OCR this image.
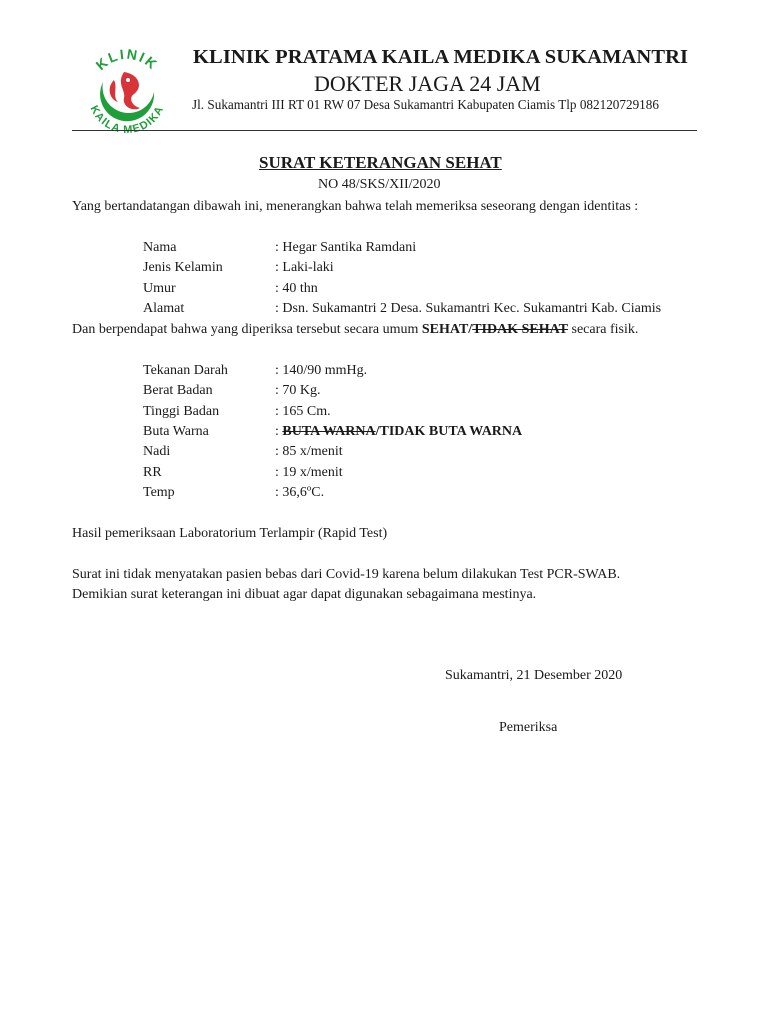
KLINIK
KAILA MEDIKA
KLINIK PRATAMA KAILA MEDIKA SUKAMANTRI
DOKTER JAGA 24 JAM
Jl. Sukamantri III RT 01 RW 07 Desa Sukamantri Kabupaten Ciamis Tlp 082120729186
SURAT KETERANGAN SEHAT
NO 48/SKS/XII/2020
Yang bertandatangan dibawah ini, menerangkan bahwa telah memeriksa seseorang dengan identitas :
Nama	: Hegar Santika Ramdani
Jenis Kelamin	: Laki-laki
Umur	: 40 thn
Alamat	: Dsn. Sukamantri 2 Desa. Sukamantri Kec. Sukamantri Kab. Ciamis
Dan berpendapat bahwa yang diperiksa tersebut secara umum SEHAT/TIDAK SEHAT secara fisik.
Tekanan Darah	: 140/90 mmHg.
Berat Badan	: 70 Kg.
Tinggi Badan	: 165 Cm.
Buta Warna	: BUTA WARNA/TIDAK BUTA WARNA
Nadi	: 85 x/menit
RR	: 19 x/menit
Temp	: 36,6ºC.
Hasil pemeriksaan Laboratorium Terlampir (Rapid Test)
Surat ini tidak menyatakan pasien bebas dari Covid-19 karena belum dilakukan Test PCR-SWAB.
Demikian surat keterangan ini dibuat agar dapat digunakan sebagaimana mestinya.
Sukamantri, 21 Desember 2020
Pemeriksa
